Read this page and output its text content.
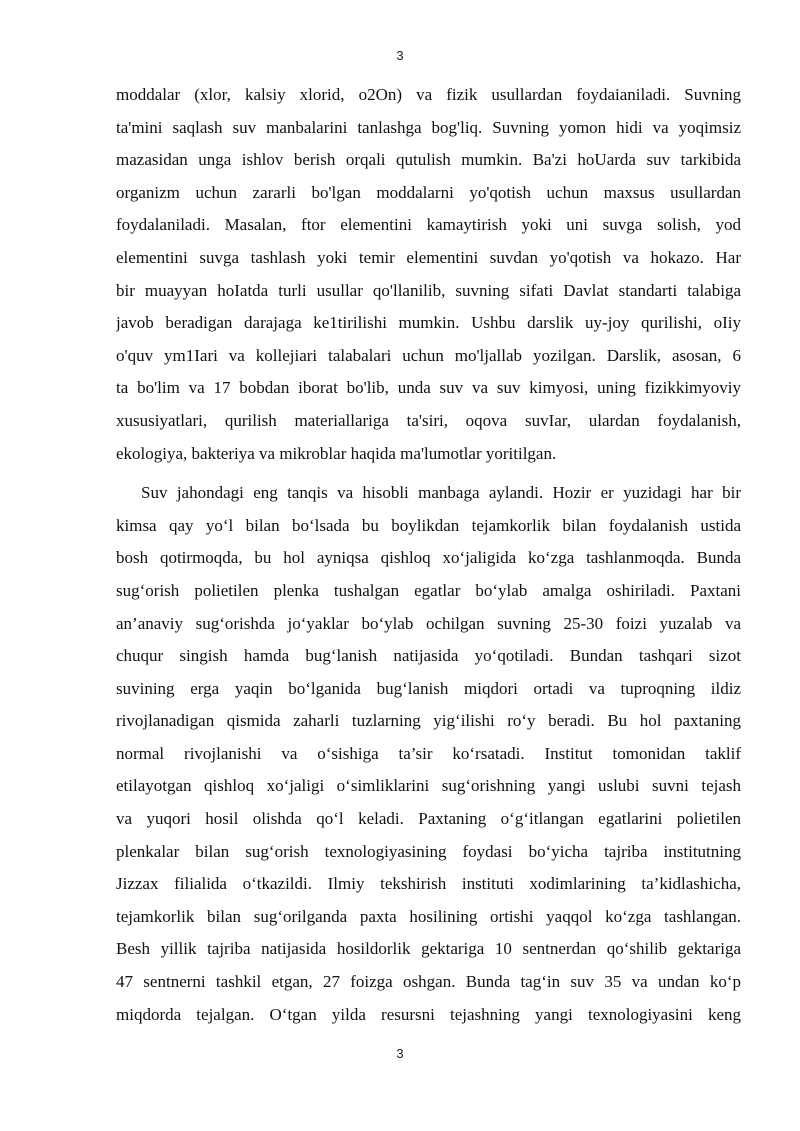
3
moddalar (xlor, kalsiy xlorid, o2On) va fizik usullardan foydaianiladi. Suvning
ta'mini saqlash suv manbalarini tanlashga bog'liq. Suvning yomon hidi va yoqimsiz
mazasidan unga ishlov berish orqali qutulish mumkin. Ba'zi hoUarda suv tarkibida
organizm uchun zararli bo'lgan moddalarni yo'qotish uchun maxsus usullardan
foydalaniladi. Masalan, ftor elementini kamaytirish yoki uni suvga solish, yod
elementini suvga tashlash yoki temir elementini suvdan yo'qotish va hokazo. Har
bir muayyan hoIatda turli usullar qo'llanilib, suvning sifati Davlat standarti talabiga
javob beradigan darajaga ke1tirilishi mumkin. Ushbu darslik uy-joy qurilishi, oIiy
o'quv ym1Iari va kollejiari talabalari uchun mo'ljallab yozilgan. Darslik, asosan, 6
ta bo'lim va 17 bobdan iborat bo'lib, unda suv va suv kimyosi, uning fizikkimyoviy
xususiyatlari, qurilish materiallariga ta'siri, oqova suvIar, ulardan foydalanish,
ekologiya, bakteriya va mikroblar haqida ma'lumotlar yoritilgan.
Suv jahondagi eng tanqis va hisobli manbaga aylandi. Hozir er yuzidagi har bir
kimsa qay yo‘l bilan bo‘lsada bu boylikdan tejamkorlik bilan foydalanish ustida
bosh qotirmoqda, bu hol ayniqsa qishloq xo‘jaligida ko‘zga tashlanmoqda. Bunda
sug‘orish polietilen plenka tushalgan egatlar bo‘ylab amalga oshiriladi. Paxtani
an’anaviy sug‘orishda jo‘yaklar bo‘ylab ochilgan suvning 25-30 foizi yuzalab va
chuqur singish hamda bug‘lanish natijasida yo‘qotiladi. Bundan tashqari sizot
suvining erga yaqin bo‘lganida bug‘lanish miqdori ortadi va tuproqning ildiz
rivojlanadigan qismida zaharli tuzlarning yig‘ilishi ro‘y beradi. Bu hol paxtaning
normal rivojlanishi va o‘sishiga ta’sir ko‘rsatadi. Institut tomonidan taklif
etilayotgan qishloq xo‘jaligi o‘simliklarini sug‘orishning yangi uslubi suvni tejash
va yuqori hosil olishda qo‘l keladi. Paxtaning o‘g‘itlangan egatlarini polietilen
plenkalar bilan sug‘orish texnologiyasining foydasi bo‘yicha tajriba institutning
Jizzax filialida o‘tkazildi. Ilmiy tekshirish instituti xodimlarining ta’kidlashicha,
tejamkorlik bilan sug‘orilganda paxta hosilining ortishi yaqqol ko‘zga tashlangan.
Besh yillik tajriba natijasida hosildorlik gektariga 10 sentnerdan qo‘shilib gektariga
47 sentnerni tashkil etgan, 27 foizga oshgan. Bunda tag‘in suv 35 va undan ko‘p
miqdorda tejalgan. O‘tgan yilda resursni tejashning yangi texnologiyasini keng
3
